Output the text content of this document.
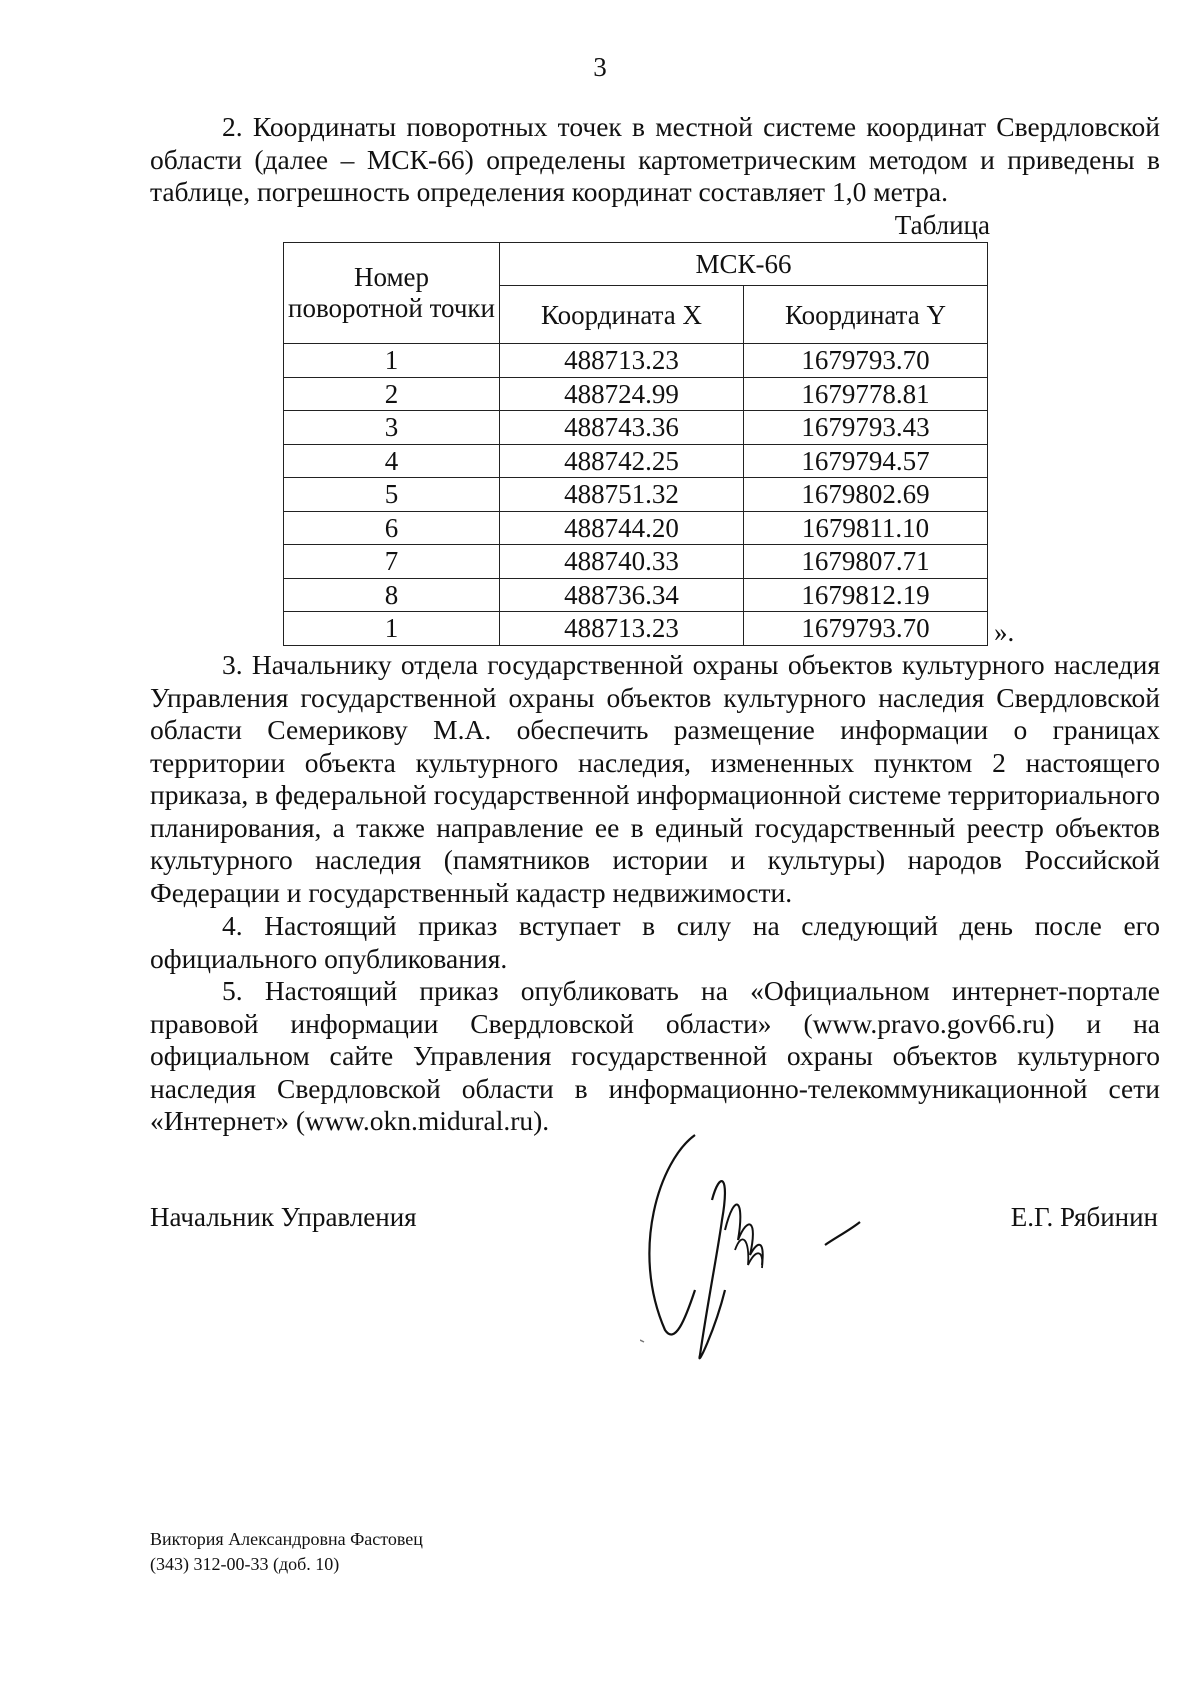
3

2. Координаты поворотных точек в местной системе координат Свердловской области (далее – МСК-66) определены картометрическим методом и приведены в таблице, погрешность определения координат составляет 1,0 метра.

Таблица
Номер поворотной точки	МСК-66	
	Координата X	Координата Y
1	488713.23	1679793.70
2	488724.99	1679778.81
3	488743.36	1679793.43
4	488742.25	1679794.57
5	488751.32	1679802.69
6	488744.20	1679811.10
7	488740.33	1679807.71
8	488736.34	1679812.19
1	488713.23	1679793.70 ».

3. Начальнику отдела государственной охраны объектов культурного наследия Управления государственной охраны объектов культурного наследия Свердловской области Семерикову М.А. обеспечить размещение информации о границах территории объекта культурного наследия, измененных пунктом 2 настоящего приказа, в федеральной государственной информационной системе территориального планирования, а также направление ее в единый государственный реестр объектов культурного наследия (памятников истории и культуры) народов Российской Федерации и государственный кадастр недвижимости.

4. Настоящий приказ вступает в силу на следующий день после его официального опубликования.

5. Настоящий приказ опубликовать на «Официальном интернет-портале правовой информации Свердловской области» (www.pravo.gov66.ru) и на официальном сайте Управления государственной охраны объектов культурного наследия Свердловской области в информационно-телекоммуникационной сети «Интернет» (www.okn.midural.ru).

Начальник Управления	Е.Г. Рябинин
Виктория Александровна Фастовец
(343) 312-00-33 (доб. 10)
